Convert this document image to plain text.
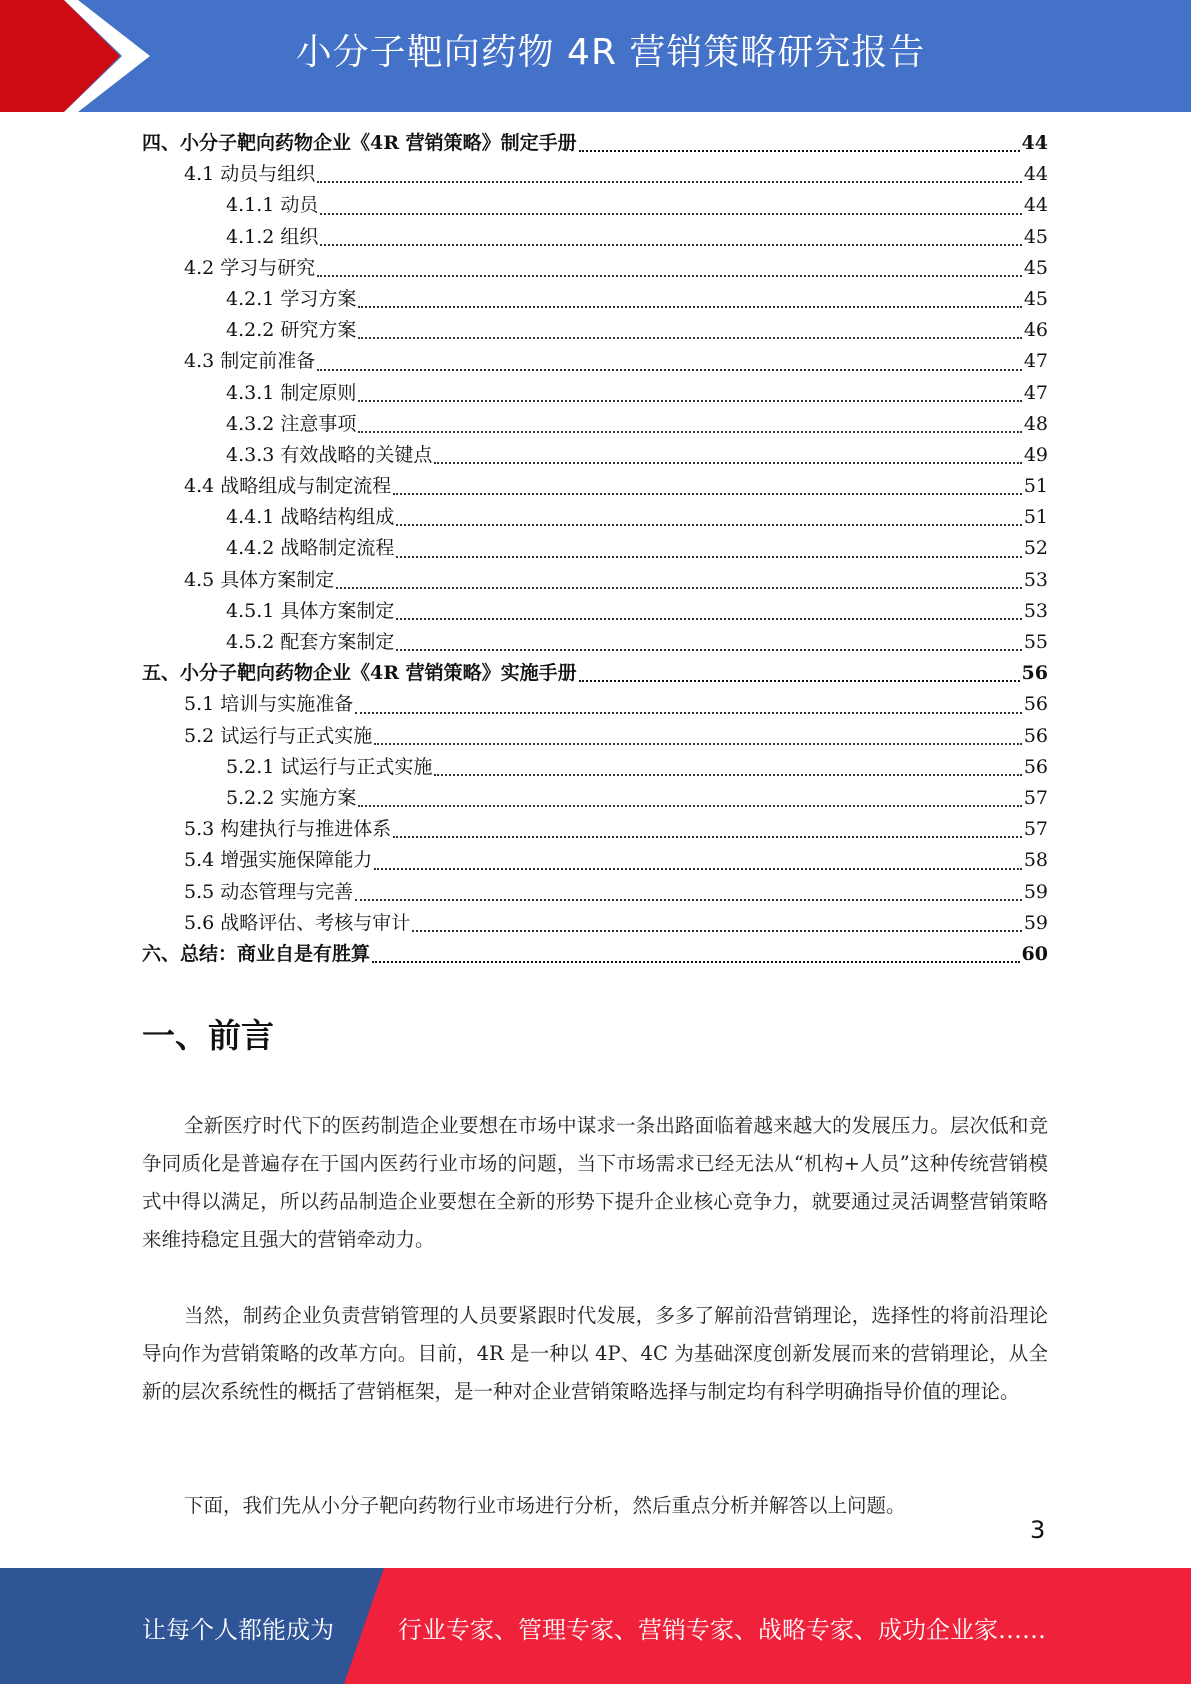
小分子靶向药物 4R 营销策略研究报告
四、小分子靶向药物企业《4R 营销策略》制定手册	44
4.1 动员与组织	44
4.1.1 动员	44
4.1.2 组织	45
4.2 学习与研究	45
4.2.1 学习方案	45
4.2.2 研究方案	46
4.3 制定前准备	47
4.3.1 制定原则	47
4.3.2 注意事项	48
4.3.3 有效战略的关键点	49
4.4 战略组成与制定流程	51
4.4.1 战略结构组成	51
4.4.2 战略制定流程	52
4.5 具体方案制定	53
4.5.1 具体方案制定	53
4.5.2 配套方案制定	55
五、小分子靶向药物企业《4R 营销策略》实施手册	56
5.1 培训与实施准备	56
5.2 试运行与正式实施	56
5.2.1 试运行与正式实施	56
5.2.2 实施方案	57
5.3 构建执行与推进体系	57
5.4 增强实施保障能力	58
5.5 动态管理与完善	59
5.6 战略评估、考核与审计	59
六、总结：商业自是有胜算	60
一、前言

全新医疗时代下的医药制造企业要想在市场中谋求一条出路面临着越来越大的发展压力。层次低和竞争同质化是普遍存在于国内医药行业市场的问题，当下市场需求已经无法从“机构+人员”这种传统营销模式中得以满足，所以药品制造企业要想在全新的形势下提升企业核心竞争力，就要通过灵活调整营销策略来维持稳定且强大的营销牵动力。

当然，制药企业负责营销管理的人员要紧跟时代发展，多多了解前沿营销理论，选择性的将前沿理论导向作为营销策略的改革方向。目前，4R 是一种以 4P、4C 为基础深度创新发展而来的营销理论，从全新的层次系统性的概括了营销框架，是一种对企业营销策略选择与制定均有科学明确指导价值的理论。

下面，我们先从小分子靶向药物行业市场进行分析，然后重点分析并解答以上问题。

3
让每个人都能成为	行业专家、管理专家、营销专家、战略专家、成功企业家……
